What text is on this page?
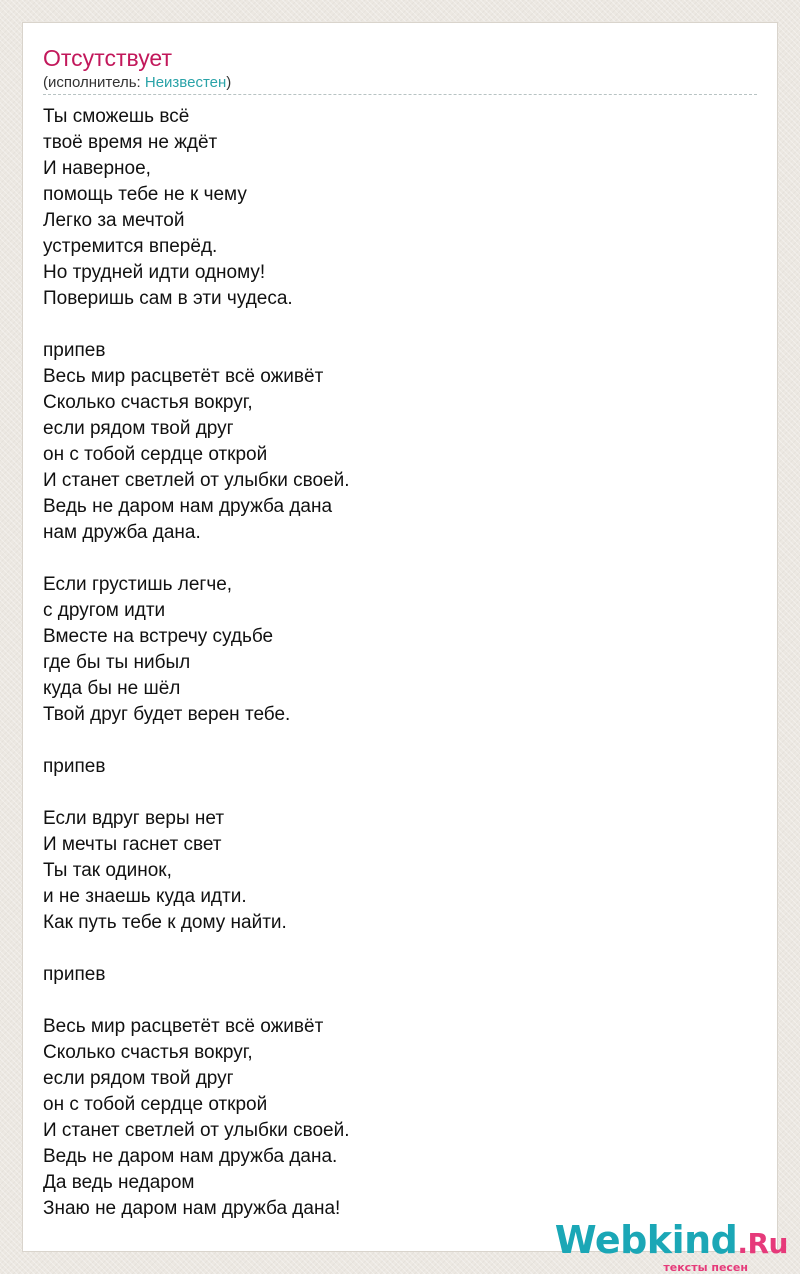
Отсутствует
(исполнитель: Неизвестен)
Ты сможешь всё
твоё время не ждёт
И наверное,
помощь тебе не к чему
Легко за мечтой
устремится вперёд.
Но трудней идти одному!
Поверишь сам в эти чудеса.
припев
Весь мир расцветёт всё оживёт
Сколько счастья вокруг,
если рядом твой друг
он с тобой сердце открой
И станет светлей от улыбки своей.
Ведь не даром нам дружба дана
нам дружба дана.
Если грустишь легче,
с другом идти
Вместе на встречу судьбе
где бы ты нибыл
куда бы не шёл
Твой друг будет верен тебе.
припев
Если вдруг веры нет
И мечты гаснет свет
Ты так одинок,
и не знаешь куда идти.
Как путь тебе к дому найти.
припев
Весь мир расцветёт всё оживёт
Сколько счастья вокруг,
если рядом твой друг
он с тобой сердце открой
И станет светлей от улыбки своей.
Ведь не даром нам дружба дана.
Да ведь недаром
Знаю не даром нам дружба дана!
Webkind.Ru
тексты песен
